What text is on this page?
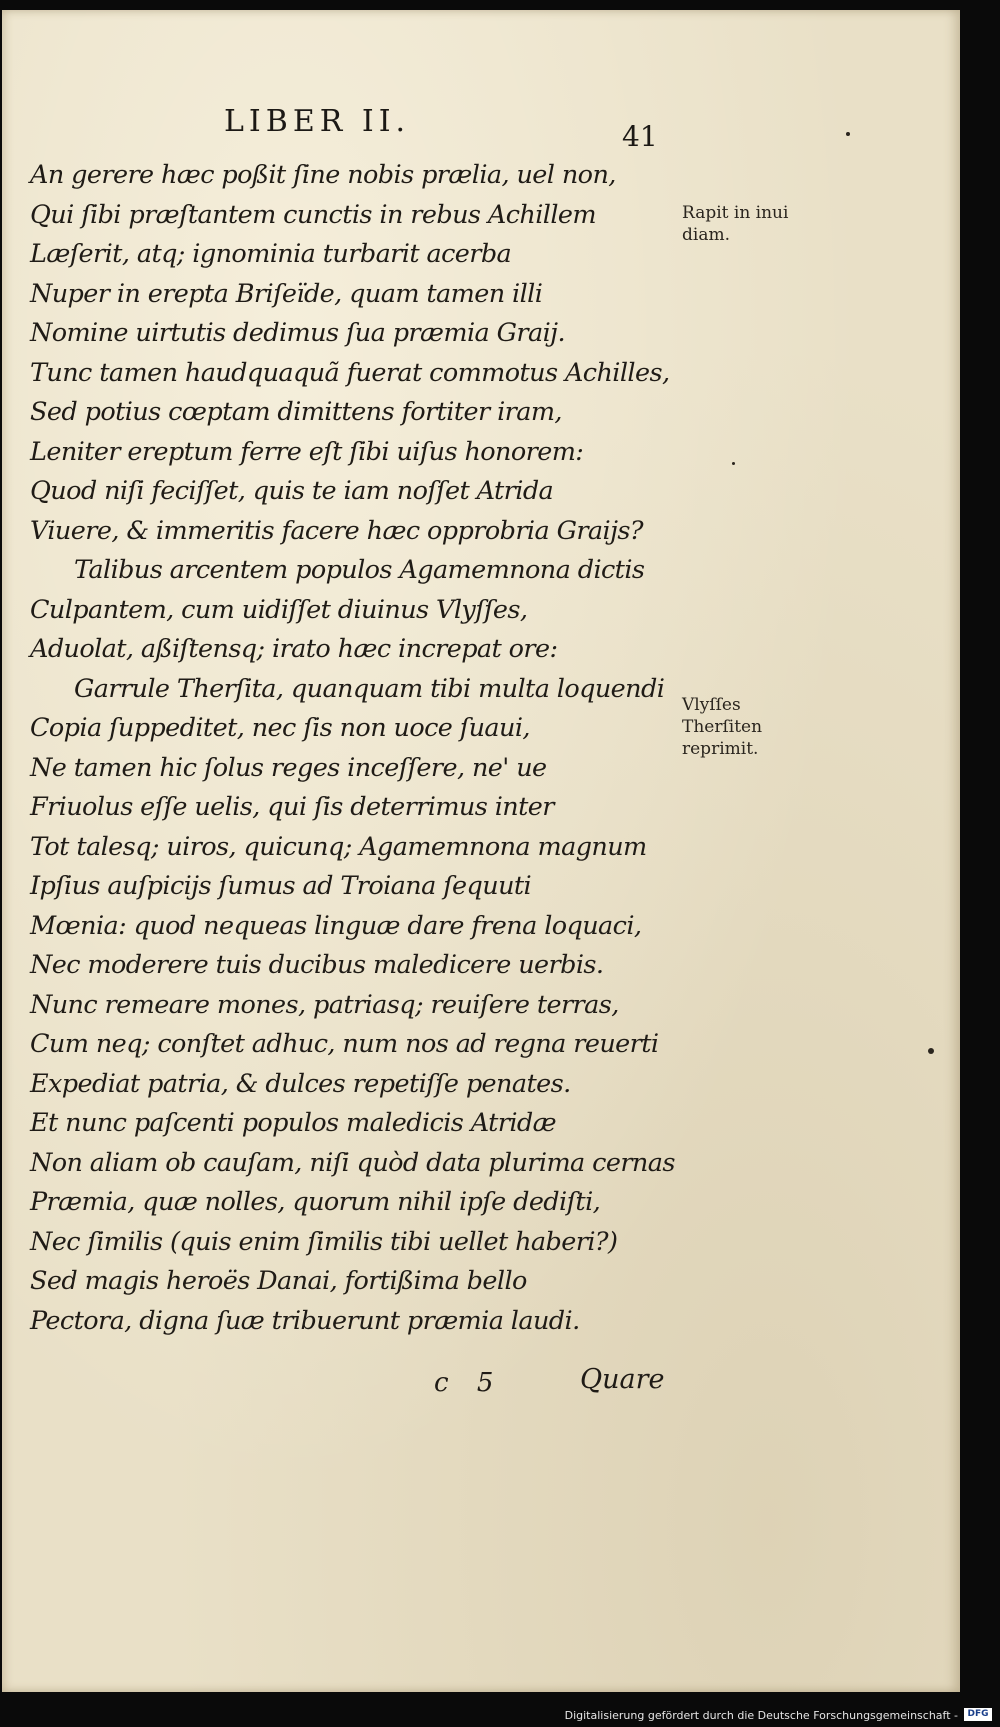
LIBER II.	41
An gerere hæc poßit ſine nobis prælia, uel non,
Qui ſibi præſtantem cunctis in rebus Achillem
Læſerit, atq; ignominia turbarit acerba
Nuper in erepta Briſeïde, quam tamen illi
Nomine uirtutis dedimus ſua præmia Graij.
Tunc tamen haudquaquã fuerat commotus Achilles,
Sed potius cœptam dimittens fortiter iram,
Leniter ereptum ferre eſt ſibi uiſus honorem:
Quod niſi feciſſet, quis te iam noſſet Atrida
Viuere, & immeritis facere hæc opprobria Graijs?
Talibus arcentem populos Agamemnona dictis
Culpantem, cum uidiſſet diuinus Vlyſſes,
Aduolat, aßiſtensq; irato hæc increpat ore:
Garrule Therſita, quanquam tibi multa loquendi
Copia ſuppeditet, nec ſis non uoce ſuaui,
Ne tamen hic ſolus reges inceſſere, ne' ue
Friuolus eſſe uelis, qui ſis deterrimus inter
Tot talesq; uiros, quicunq; Agamemnona magnum
Ipſius auſpicijs ſumus ad Troiana ſequuti
Mœnia: quod nequeas linguæ dare frena loquaci,
Nec moderere tuis ducibus maledicere uerbis.
Nunc remeare mones, patriasq; reuiſere terras,
Cum neq; conſtet adhuc, num nos ad regna reuerti
Expediat patria, & dulces repetiſſe penates.
Et nunc paſcenti populos maledicis Atridæ
Non aliam ob cauſam, niſi quòd data plurima cernas
Præmia, quæ nolles, quorum nihil ipſe dediſti,
Nec ſimilis (quis enim ſimilis tibi uellet haberi?)
Sed magis heroës Danai, fortißima bello
Pectora, digna ſuæ tribuerunt præmia laudi.
Rapit in inui
diam.
Vlyſſes
Therſiten
reprimit.
c 5	Quare
Digitalisierung gefördert durch die Deutsche Forschungsgemeinschaft -	DFG
